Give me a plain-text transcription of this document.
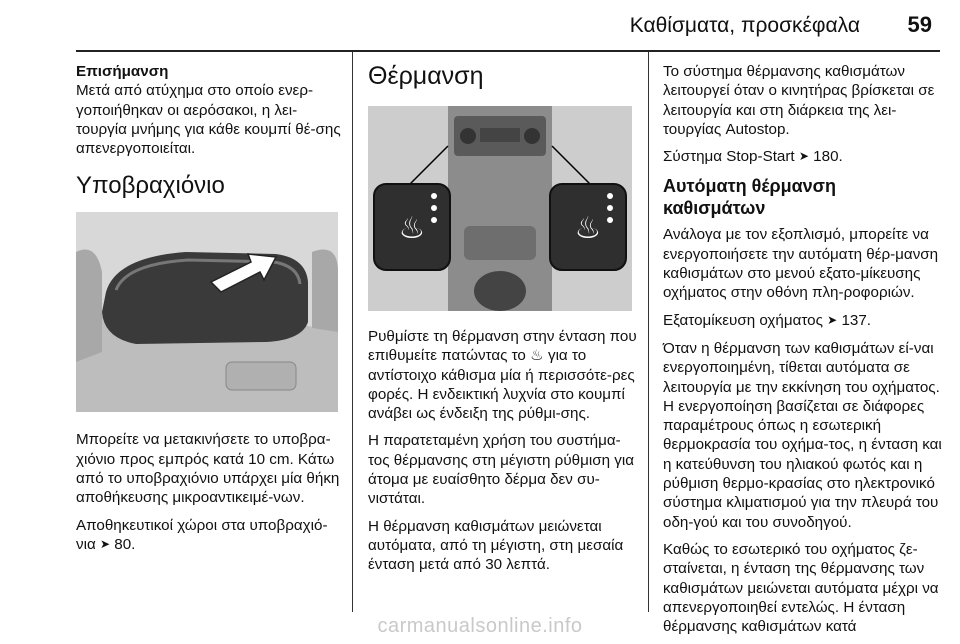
Καθίσματα, προσκέφαλα 59

Επισήμανση
Μετά από ατύχημα στο οποίο ενερ-γοποιήθηκαν οι αερόσακοι, η λει-τουργία μνήμης για κάθε κουμπί θέ-σης απενεργοποιείται.

Υποβραχιόνιο

Μπορείτε να μετακινήσετε το υποβρα-χιόνιο προς εμπρός κατά 10 cm. Κάτω από το υποβραχιόνιο υπάρχει μία θήκη αποθήκευσης μικροαντικειμέ-νων.

Αποθηκευτικοί χώροι στα υποβραχιό-νια ➤ 80.

Θέρμανση
♨	♨

Ρυθμίστε τη θέρμανση στην ένταση που επιθυμείτε πατώντας το ♨ για το αντίστοιχο κάθισμα μία ή περισσότε-ρες φορές. Η ενδεικτική λυχνία στο κουμπί ανάβει ως ένδειξη της ρύθμι-σης.

Η παρατεταμένη χρήση του συστήμα-τος θέρμανσης στη μέγιστη ρύθμιση για άτομα με ευαίσθητο δέρμα δεν συ-νιστάται.

Η θέρμανση καθισμάτων μειώνεται αυτόματα, από τη μέγιστη, στη μεσαία ένταση μετά από 30 λεπτά.

Το σύστημα θέρμανσης καθισμάτων λειτουργεί όταν ο κινητήρας βρίσκεται σε λειτουργία και στη διάρκεια της λει-τουργίας Autostop.

Σύστημα Stop-Start ➤ 180.

Αυτόματη θέρμανση καθισμάτων

Ανάλογα με τον εξοπλισμό, μπορείτε να ενεργοποιήσετε την αυτόματη θέρ-μανση καθισμάτων στο μενού εξατο-μίκευσης οχήματος στην οθόνη πλη-ροφοριών.

Εξατομίκευση οχήματος ➤ 137.

Όταν η θέρμανση των καθισμάτων εί-ναι ενεργοποιημένη, τίθεται αυτόματα σε λειτουργία με την εκκίνηση του οχήματος. Η ενεργοποίηση βασίζεται σε διάφορες παραμέτρους όπως η εσωτερική θερμοκρασία του οχήμα-τος, η ένταση και η κατεύθυνση του ηλιακού φωτός και η ρύθμιση θερμο-κρασίας στο ηλεκτρονικό σύστημα κλιματισμού για την πλευρά του οδη-γού και του συνοδηγού.

Καθώς το εσωτερικό του οχήματος ζε-σταίνεται, η ένταση της θέρμανσης των καθισμάτων μειώνεται αυτόματα μέχρι να απενεργοποιηθεί εντελώς. Η ένταση θέρμανσης καθισμάτων κατά

carmanualsonline.info
